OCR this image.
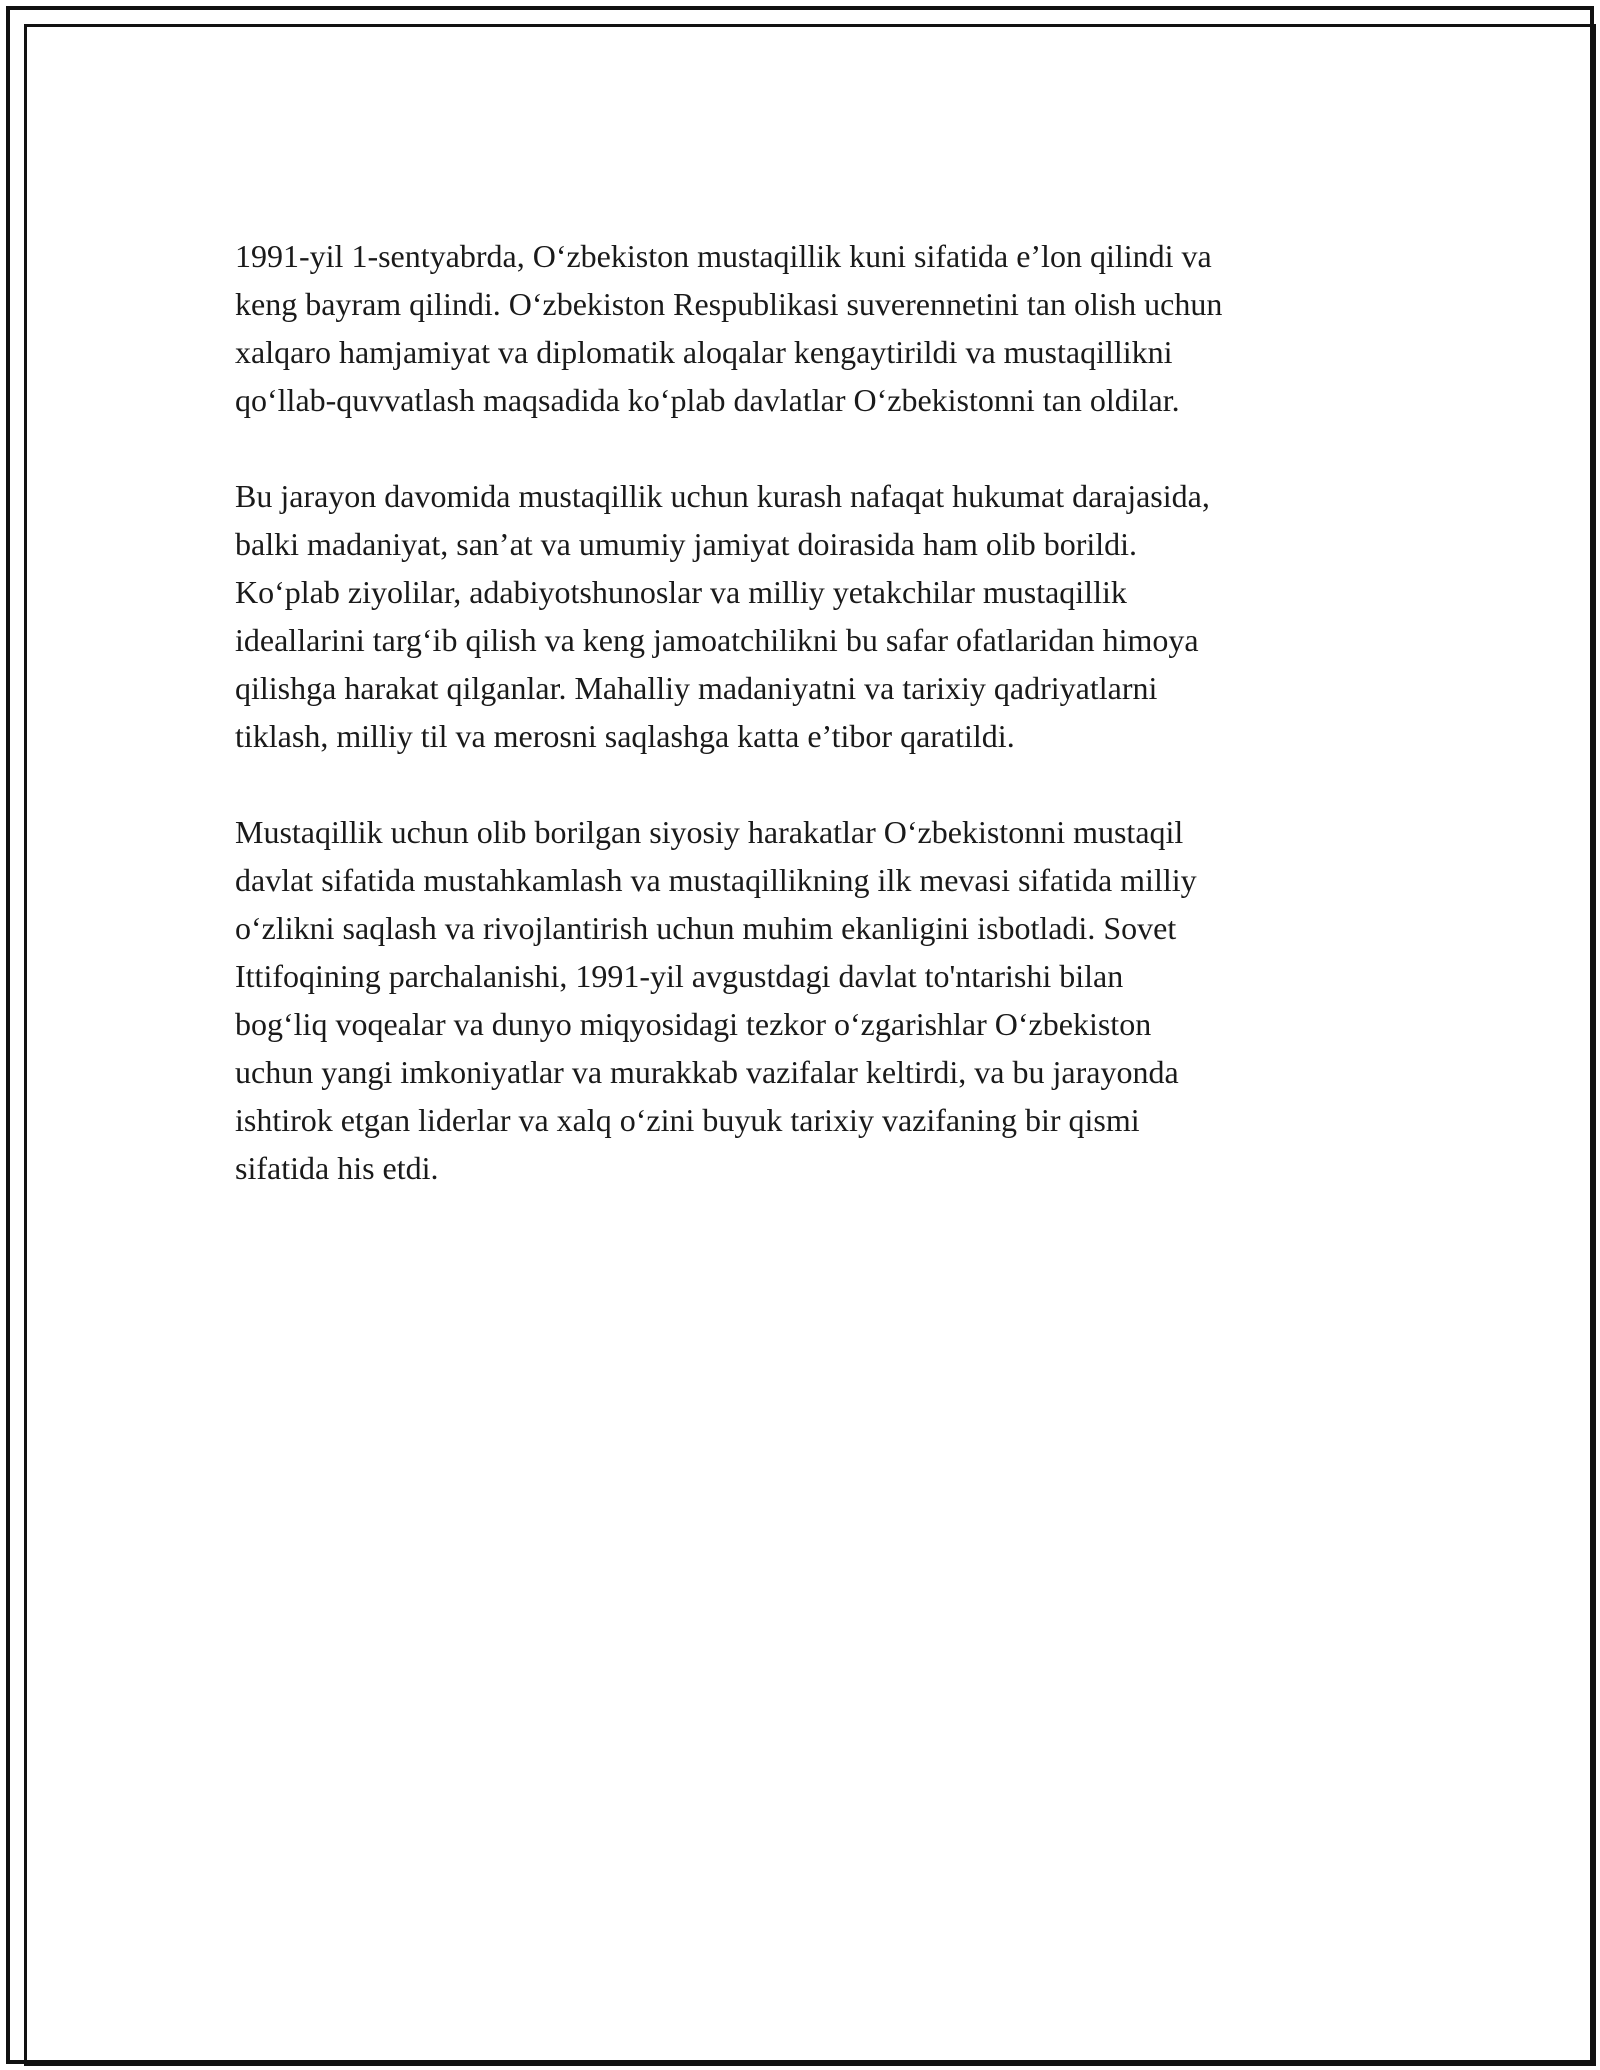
1991-yil 1-sentyabrda, O‘zbekiston mustaqillik kuni sifatida e’lon qilindi va
keng bayram qilindi. O‘zbekiston Respublikasi suverennetini tan olish uchun
xalqaro hamjamiyat va diplomatik aloqalar kengaytirildi va mustaqillikni
qo‘llab-quvvatlash maqsadida ko‘plab davlatlar O‘zbekistonni tan oldilar.

Bu jarayon davomida mustaqillik uchun kurash nafaqat hukumat darajasida,
balki madaniyat, san’at va umumiy jamiyat doirasida ham olib borildi.
Ko‘plab ziyolilar, adabiyotshunoslar va milliy yetakchilar mustaqillik
ideallarini targ‘ib qilish va keng jamoatchilikni bu safar ofatlaridan himoya
qilishga harakat qilganlar. Mahalliy madaniyatni va tarixiy qadriyatlarni
tiklash, milliy til va merosni saqlashga katta e’tibor qaratildi.

Mustaqillik uchun olib borilgan siyosiy harakatlar O‘zbekistonni mustaqil
davlat sifatida mustahkamlash va mustaqillikning ilk mevasi sifatida milliy
o‘zlikni saqlash va rivojlantirish uchun muhim ekanligini isbotladi. Sovet
Ittifoqining parchalanishi, 1991-yil avgustdagi davlat to'ntarishi bilan
bog‘liq voqealar va dunyo miqyosidagi tezkor o‘zgarishlar O‘zbekiston
uchun yangi imkoniyatlar va murakkab vazifalar keltirdi, va bu jarayonda
ishtirok etgan liderlar va xalq o‘zini buyuk tarixiy vazifaning bir qismi
sifatida his etdi.
